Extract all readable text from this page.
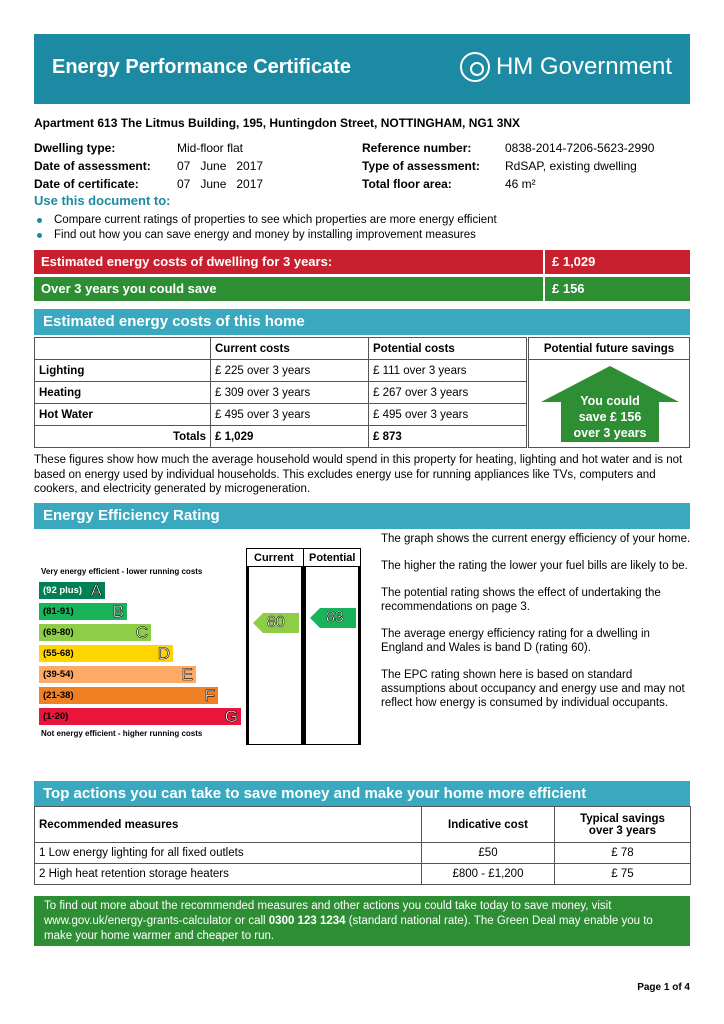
Energy Performance Certificate	HM Government
Apartment 613 The Litmus Building, 195, Huntingdon Street, NOTTINGHAM, NG1 3NX
Dwelling type:	Mid-floor flat
Date of assessment:	07   June   2017
Date of certificate:	07   June   2017
Reference number:	0838-2014-7206-5623-2990
Type of assessment:	RdSAP, existing dwelling
Total floor area:	46 m²
Use this document to:
Compare current ratings of properties to see which properties are more energy efficient
Find out how you can save energy and money by installing improvement measures
Estimated energy costs of dwelling for 3 years:	£ 1,029
Over 3 years you could save	£ 156
Estimated energy costs of this home
	Current costs	Potential costs
Lighting	£ 225 over 3 years	£ 111 over 3 years
Heating	£ 309 over 3 years	£ 267 over 3 years
Hot Water	£ 495 over 3 years	£ 495 over 3 years
Totals	£ 1,029	£ 873
Potential future savings
You could
save £ 156
over 3 years
These figures show how much the average household would spend in this property for heating, lighting and hot water and is not based on energy used by individual households. This excludes energy use for running appliances like TVs, computers and cookers, and electricity generated by microgeneration.
Energy Efficiency Rating
Current Potential
Very energy efficient - lower running costs
(92 plus) A
(81-91) B
(69-80)	C
(55-68)	D
(39-54)	E
(21-38)	F
(1-20)	G
Not energy efficient - higher running costs
80	83

The graph shows the current energy efficiency of your home.

The higher the rating the lower your fuel bills are likely to be.

The potential rating shows the effect of undertaking the recommendations on page 3.

The average energy efficiency rating for a dwelling in England and Wales is band D (rating 60).

The EPC rating shown here is based on standard assumptions about occupancy and energy use and may not reflect how energy is consumed by individual occupants.

Top actions you can take to save money and make your home more efficient
Recommended measures	Indicative cost	Typical savings
over 3 years

1 Low energy lighting for all fixed outlets	£50	£ 78
2 High heat retention storage heaters	£800 - £1,200	£ 75
To find out more about the recommended measures and other actions you could take today to save money, visit www.gov.uk/energy-grants-calculator or call 0300 123 1234 (standard national rate). The Green Deal may enable you to make your home warmer and cheaper to run.
Page 1 of 4
